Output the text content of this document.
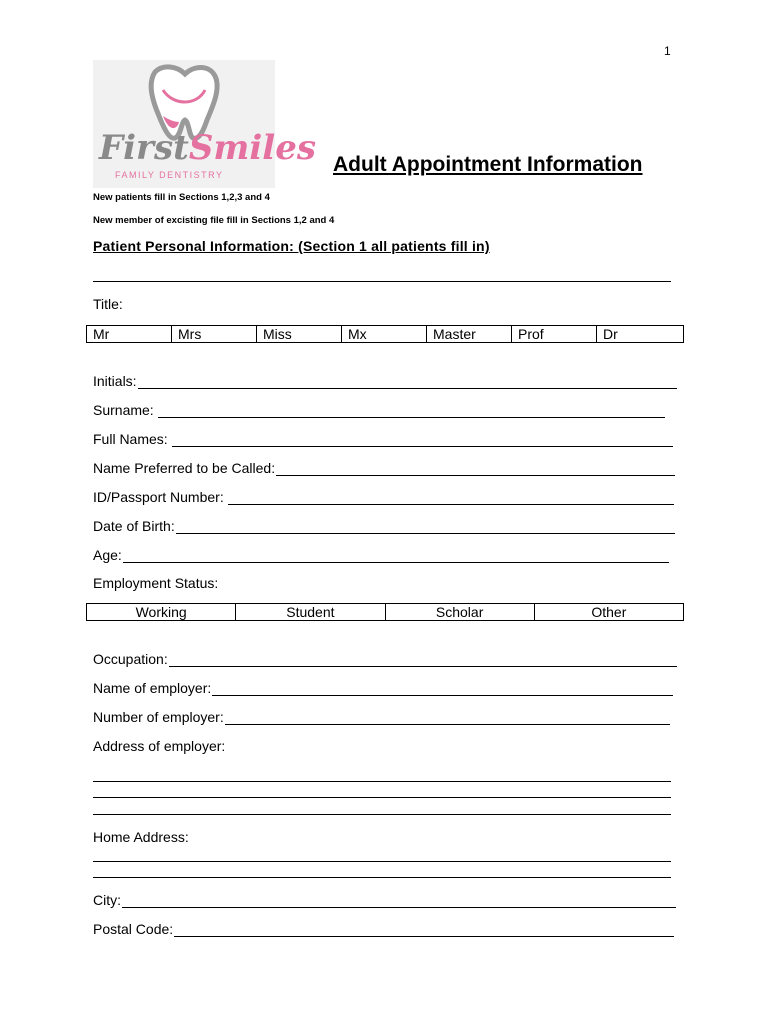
1
FirstSmiles
FAMILY DENTISTRY	Adult Appointment Information
New patients fill in Sections 1,2,3 and 4
New member of excisting file fill in Sections 1,2 and 4
Patient Personal Information: (Section 1 all patients fill in)
Title:
Mr	Mrs	Miss	Mx	Master	Prof	Dr
Initials:
Surname:
Full Names:
Name Preferred to be Called:
ID/Passport Number:
Date of Birth:
Age:
Employment Status:
Working	Student	Scholar	Other
Occupation:
Name of employer:
Number of employer:
Address of employer:
Home Address:
City:
Postal Code:
